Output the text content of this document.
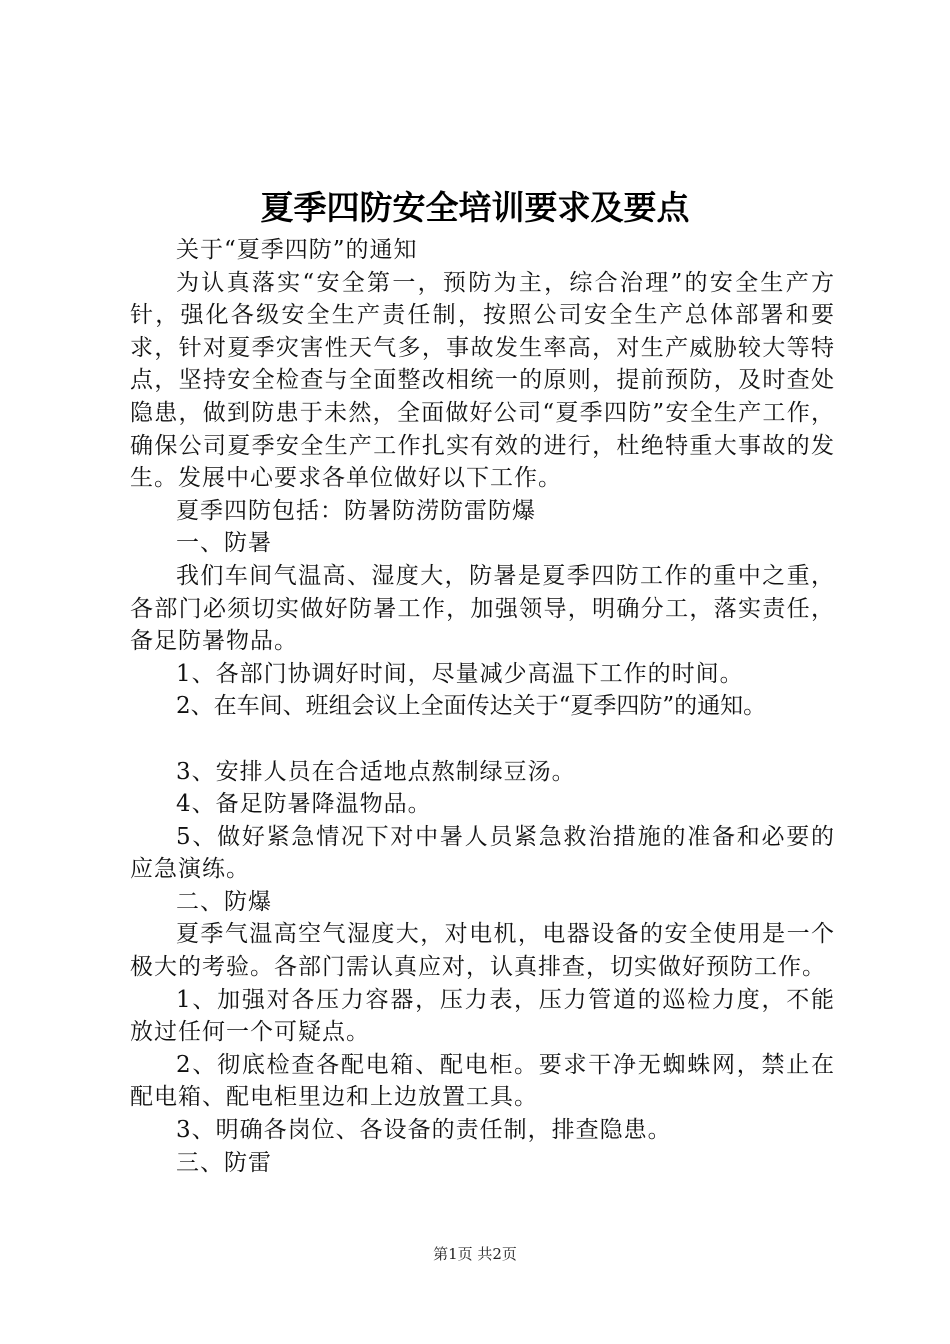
夏季四防安全培训要求及要点

关于“夏季四防”的通知

为认真落实“安全第一，预防为主，综合治理”的安全生产方针，强化各级安全生产责任制，按照公司安全生产总体部署和要求，针对夏季灾害性天气多，事故发生率高，对生产威胁较大等特点，坚持安全检查与全面整改相统一的原则，提前预防，及时查处隐患，做到防患于未然，全面做好公司“夏季四防”安全生产工作，确保公司夏季安全生产工作扎实有效的进行，杜绝特重大事故的发生。发展中心要求各单位做好以下工作。

夏季四防包括：防暑防涝防雷防爆

一、防暑

我们车间气温高、湿度大，防暑是夏季四防工作的重中之重，各部门必须切实做好防暑工作，加强领导，明确分工，落实责任，备足防暑物品。

1、各部门协调好时间，尽量减少高温下工作的时间。

2、在车间、班组会议上全面传达关于“夏季四防”的通知。

3、安排人员在合适地点熬制绿豆汤。

4、备足防暑降温物品。

5、做好紧急情况下对中暑人员紧急救治措施的准备和必要的应急演练。

二、防爆

夏季气温高空气湿度大，对电机，电器设备的安全使用是一个极大的考验。各部门需认真应对，认真排查，切实做好预防工作。

1、加强对各压力容器，压力表，压力管道的巡检力度，不能放过任何一个可疑点。

2、彻底检查各配电箱、配电柜。要求干净无蜘蛛网，禁止在配电箱、配电柜里边和上边放置工具。

3、明确各岗位、各设备的责任制，排查隐患。

三、防雷

第1页 共2页
